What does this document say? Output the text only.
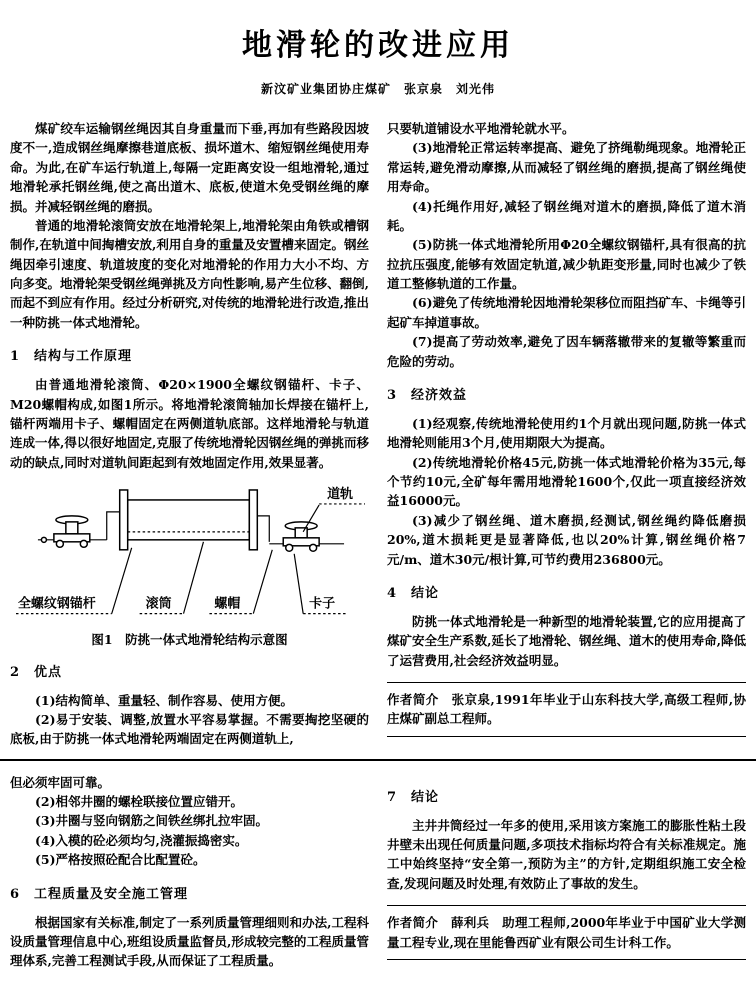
地滑轮的改进应用
新汶矿业集团协庄煤矿　张京泉　刘光伟

煤矿绞车运输钢丝绳因其自身重量而下垂,再加有些路段因坡度不一,造成钢丝绳摩擦巷道底板、损坏道木、缩短钢丝绳使用寿命。为此,在矿车运行轨道上,每隔一定距离安设一组地滑轮,通过地滑轮承托钢丝绳,使之高出道木、底板,使道木免受钢丝绳的摩损。并减轻钢丝绳的磨损。

普通的地滑轮滚筒安放在地滑轮架上,地滑轮架由角铁或槽钢制作,在轨道中间掏槽安放,利用自身的重量及安置槽来固定。钢丝绳因牵引速度、轨道坡度的变化对地滑轮的作用力大小不均、方向多变。地滑轮架受钢丝绳弹挑及方向性影响,易产生位移、翻倒,而起不到应有作用。经过分析研究,对传统的地滑轮进行改造,推出一种防挑一体式地滑轮。

1　结构与工作原理

由普通地滑轮滚筒、Φ20×1900全螺纹钢锚杆、卡子、M20螺帽构成,如图1所示。将地滑轮滚筒轴加长焊接在锚杆上,锚杆两端用卡子、螺帽固定在两侧道轨底部。这样地滑轮与轨道连成一体,得以很好地固定,克服了传统地滑轮因钢丝绳的弹挑而移动的缺点,同时对道轨间距起到有效地固定作用,效果显著。

道轨
全螺纹钢锚杆	滚筒	螺帽	卡子
图1　防挑一体式地滑轮结构示意图
2　优点

(1)结构简单、重量轻、制作容易、使用方便。

(2)易于安装、调整,放置水平容易掌握。不需要掏挖坚硬的底板,由于防挑一体式地滑轮两端固定在两侧道轨上,

只要轨道铺设水平地滑轮就水平。

(3)地滑轮正常运转率提高、避免了挤绳勒绳现象。地滑轮正常运转,避免滑动摩擦,从而减轻了钢丝绳的磨损,提高了钢丝绳使用寿命。

(4)托绳作用好,减轻了钢丝绳对道木的磨损,降低了道木消耗。

(5)防挑一体式地滑轮所用Φ20全螺纹钢锚杆,具有很高的抗拉抗压强度,能够有效固定轨道,减少轨距变形量,同时也减少了铁道工整修轨道的工作量。

(6)避免了传统地滑轮因地滑轮架移位而阻挡矿车、卡绳等引起矿车掉道事故。

(7)提高了劳动效率,避免了因车辆落辙带来的复辙等繁重而危险的劳动。

3　经济效益

(1)经观察,传统地滑轮使用约1个月就出现问题,防挑一体式地滑轮则能用3个月,使用期限大为提高。

(2)传统地滑轮价格45元,防挑一体式地滑轮价格为35元,每个节约10元,全矿每年需用地滑轮1600个,仅此一项直接经济效益16000元。

(3)减少了钢丝绳、道木磨损,经测试,钢丝绳约降低磨损20%,道木损耗更是显著降低,也以20%计算,钢丝绳价格7元/m、道木30元/根计算,可节约费用236800元。

4　结论

防挑一体式地滑轮是一种新型的地滑轮装置,它的应用提高了煤矿安全生产系数,延长了地滑轮、钢丝绳、道木的使用寿命,降低了运营费用,社会经济效益明显。

作者简介　张京泉,1991年毕业于山东科技大学,高级工程师,协庄煤矿副总工程师。

但必须牢固可靠。

(2)相邻井圈的螺栓联接位置应错开。

(3)井圈与竖向钢筋之间铁丝绑扎拉牢固。

(4)入模的砼必须均匀,浇灌振捣密实。

(5)严格按照砼配合比配置砼。

6　工程质量及安全施工管理

根据国家有关标准,制定了一系列质量管理细则和办法,工程科设质量管理信息中心,班组设质量监督员,形成较完整的工程质量管理体系,完善工程测试手段,从而保证了工程质量。

7　结论

主井井筒经过一年多的使用,采用该方案施工的膨胀性粘土段井壁未出现任何质量问题,多项技术指标均符合有关标准规定。施工中始终坚持“安全第一,预防为主”的方针,定期组织施工安全检查,发现问题及时处理,有效防止了事故的发生。

作者简介　薛利兵　助理工程师,2000年毕业于中国矿业大学测量工程专业,现在里能鲁西矿业有限公司生计科工作。
